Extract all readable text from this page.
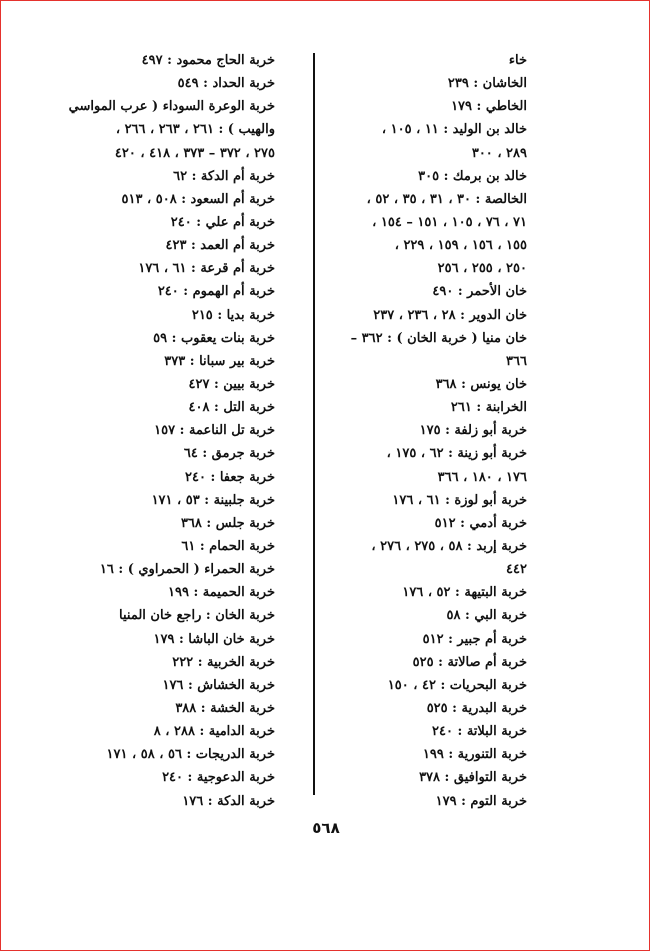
خاء
الخاشان : ٢٣٩
الخاطي : ١٧٩
خالد بن الوليد : ١١ ، ١٠٥ ،
٢٨٩ ، ٣٠٠
خالد بن برمك : ٣٠٥
الخالصة : ٣٠ ، ٣١ ، ٣٥ ، ٥٢ ،
٧١ ، ٧٦ ، ١٠٥ ، ١٥١ – ١٥٤ ،
١٥٥ ، ١٥٦ ، ١٥٩ ، ٢٢٩ ،
٢٥٠ ، ٢٥٥ ، ٢٥٦
خان الأحمر : ٤٩٠
خان الدوير : ٢٨ ، ٢٣٦ ، ٢٣٧
خان منيا ( خربة الخان ) : ٣٦٢ –
٣٦٦
خان يونس : ٣٦٨
الخرابنة : ٢٦١
خربة أبو زلفة : ١٧٥
خربة أبو زينة : ٦٢ ، ١٧٥ ،
١٧٦ ، ١٨٠ ، ٣٦٦
خربة أبو لوزة : ٦١ ، ١٧٦
خربة أدمي : ٥١٢
خربة إربد : ٥٨ ، ٢٧٥ ، ٢٧٦ ،
٤٤٢
خربة البتيهة : ٥٢ ، ١٧٦
خربة البي : ٥٨
خربة أم جبير : ٥١٢
خربة أم صالاتة : ٥٢٥
خربة البحريات : ٤٢ ، ١٥٠
خربة البدرية : ٥٢٥
خربة البلاتة : ٢٤٠
خربة التنورية : ١٩٩
خربة التوافيق : ٣٧٨
خربة التوم : ١٧٩
خربة الحاج محمود : ٤٩٧
خربة الحداد : ٥٤٩
خربة الوعرة السوداء ( عرب المواسي
والهيب ) : ٢٦١ ، ٢٦٣ ، ٢٦٦ ،
٢٧٥ ، ٣٧٢ – ٣٧٣ ، ٤١٨ ، ٤٢٠
خربة أم الدكة : ٦٢
خربة أم السعود : ٥٠٨ ، ٥١٣
خربة أم علي : ٢٤٠
خربة أم العمد : ٤٢٣
خربة أم قرعة : ٦١ ، ١٧٦
خربة أم الهموم : ٢٤٠
خربة بديا : ٢١٥
خربة بنات يعقوب : ٥٩
خربة بير سبانا : ٣٧٣
خربة بيين : ٤٢٧
خربة التل : ٤٠٨
خربة تل الناعمة : ١٥٧
خربة جرمق : ٦٤
خربة جعفا : ٢٤٠
خربة جلبينة : ٥٣ ، ١٧١
خربة جلس : ٣٦٨
خربة الحمام : ٦١
خربة الحمراء ( الحمراوي ) : ١٦
خربة الحميمة : ١٩٩
خربة الخان : راجع خان المنيا
خربة خان الباشا : ١٧٩
خربة الخربية : ٢٢٢
خربة الخشاش : ١٧٦
خربة الخشة : ٣٨٨
خربة الدامية : ٢٨٨ ، ٨
خربة الدريجات : ٥٦ ، ٥٨ ، ١٧١
خربة الدعوجية : ٢٤٠
خربة الدكة : ١٧٦
٥٦٨
